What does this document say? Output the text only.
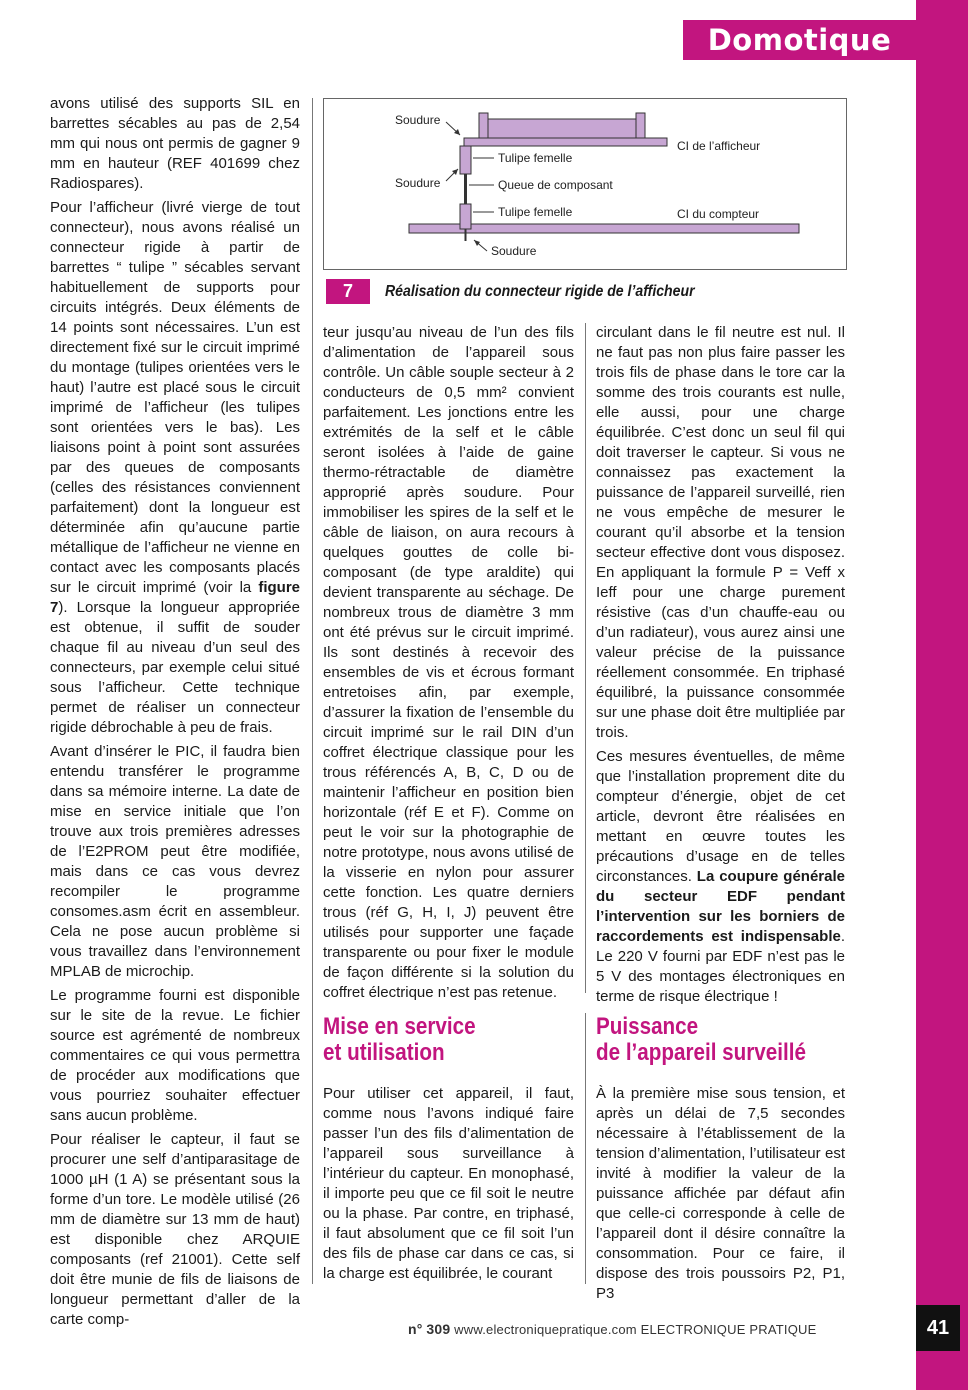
Domotique
Soudure
Soudure
Tulipe femelle
Queue de composant
Tulipe femelle
Soudure
CI de l’afficheur
CI du compteur
7	Réalisation du connecteur rigide de l’afficheur

avons utilisé des supports SIL en barrettes sécables au pas de 2,54 mm qui nous ont permis de gagner 9 mm en hauteur (REF 401699 chez Radiospares).

Pour l’afficheur (livré vierge de tout connecteur), nous avons réalisé un connecteur rigide à partir de barrettes “ tulipe ” sécables servant habituellement de supports pour circuits intégrés. Deux éléments de 14 points sont nécessaires. L’un est directement fixé sur le circuit imprimé du montage (tulipes orientées vers le haut) l’autre est placé sous le circuit imprimé de l’afficheur (les tulipes sont orientées vers le bas). Les liaisons point à point sont assurées par des queues de composants (celles des résistances conviennent parfaitement) dont la longueur est déterminée afin qu’aucune partie métallique de l’afficheur ne vienne en contact avec les composants placés sur le circuit imprimé (voir la figure 7). Lorsque la longueur appropriée est obtenue, il suffit de souder chaque fil au niveau d’un seul des connecteurs, par exemple celui situé sous l’afficheur. Cette technique permet de réaliser un connecteur rigide débrochable à peu de frais.

Avant d’insérer le PIC, il faudra bien entendu transférer le programme dans sa mémoire interne. La date de mise en service initiale que l’on trouve aux trois premières adresses de l’E2PROM peut être modifiée, mais dans ce cas vous devrez recompiler le programme consomes.asm écrit en assembleur. Cela ne pose aucun problème si vous travaillez dans l’environnement MPLAB de microchip.

Le programme fourni est disponible sur le site de la revue. Le fichier source est agrémenté de nombreux commentaires ce qui vous permettra de procéder aux modifications que vous pourriez souhaiter effectuer sans aucun problème.

Pour réaliser le capteur, il faut se procurer une self d’antiparasitage de 1000 µH (1 A) se présentant sous la forme d’un tore. Le modèle utilisé (26 mm de diamètre sur 13 mm de haut) est disponible chez ARQUIE composants (ref 21001). Cette self doit être munie de fils de liaisons de longueur permettant d’aller de la carte comp-

teur jusqu’au niveau de l’un des fils d’alimentation de l’appareil sous contrôle. Un câble souple secteur à 2 conducteurs de 0,5 mm² convient parfaitement. Les jonctions entre les extrémités de la self et le câble seront isolées à l’aide de gaine thermo-rétractable de diamètre approprié après soudure. Pour immobiliser les spires de la self et le câble de liaison, on aura recours à quelques gouttes de colle bi-composant (de type araldite) qui devient transparente au séchage. De nombreux trous de diamètre 3 mm ont été prévus sur le circuit imprimé. Ils sont destinés à recevoir des ensembles de vis et écrous formant entretoises afin, par exemple, d’assurer la fixation de l’ensemble du circuit imprimé sur le rail DIN d’un coffret électrique classique pour les trous référencés A, B, C, D ou de maintenir l’afficheur en position bien horizontale (réf E et F). Comme on peut le voir sur la photographie de notre prototype, nous avons utilisé de la visserie en nylon pour assurer cette fonction. Les quatre derniers trous (réf G, H, I, J) peuvent être utilisés pour supporter une façade transparente ou pour fixer le module de façon différente si la solution du coffret électrique n’est pas retenue.

circulant dans le fil neutre est nul. Il ne faut pas non plus faire passer les trois fils de phase dans le tore car la somme des trois courants est nulle, elle aussi, pour une charge équilibrée. C’est donc un seul fil qui doit traverser le capteur. Si vous ne connaissez pas exactement la puissance de l’appareil surveillé, rien ne vous empêche de mesurer le courant qu’il absorbe et la tension secteur effective dont vous disposez. En appliquant la formule P = Veff x Ieff pour une charge purement résistive (cas d’un chauffe-eau ou d’un radiateur), vous aurez ainsi une valeur précise de la puissance réellement consommée. En triphasé équilibré, la puissance consommée sur une phase doit être multipliée par trois.

Ces mesures éventuelles, de même que l’installation proprement dite du compteur d’énergie, objet de cet article, devront être réalisées en mettant en œuvre toutes les précautions d’usage en de telles circonstances. La coupure générale du secteur EDF pendant l’intervention sur les borniers de raccordements est indispensable. Le 220 V fourni par EDF n’est pas le 5 V des montages électroniques en terme de risque électrique !

Mise en service
et utilisation
Puissance
de l’appareil surveillé

Pour utiliser cet appareil, il faut, comme nous l’avons indiqué faire passer l’un des fils d’alimentation de l’appareil sous surveillance à l’intérieur du capteur. En monophasé, il importe peu que ce fil soit le neutre ou la phase. Par contre, en triphasé, il faut absolument que ce fil soit l’un des fils de phase car dans ce cas, si la charge est équilibrée, le courant

À la première mise sous tension, et après un délai de 7,5 secondes nécessaire à l’établissement de la tension d’alimentation, l’utilisateur est invité à modifier la valeur de la puissance affichée par défaut afin que celle-ci corresponde à celle de l’appareil dont il désire connaître la consommation. Pour ce faire, il dispose des trois poussoirs P2, P1, P3

n° 309 www.electroniquepratique.com ELECTRONIQUE PRATIQUE	41
